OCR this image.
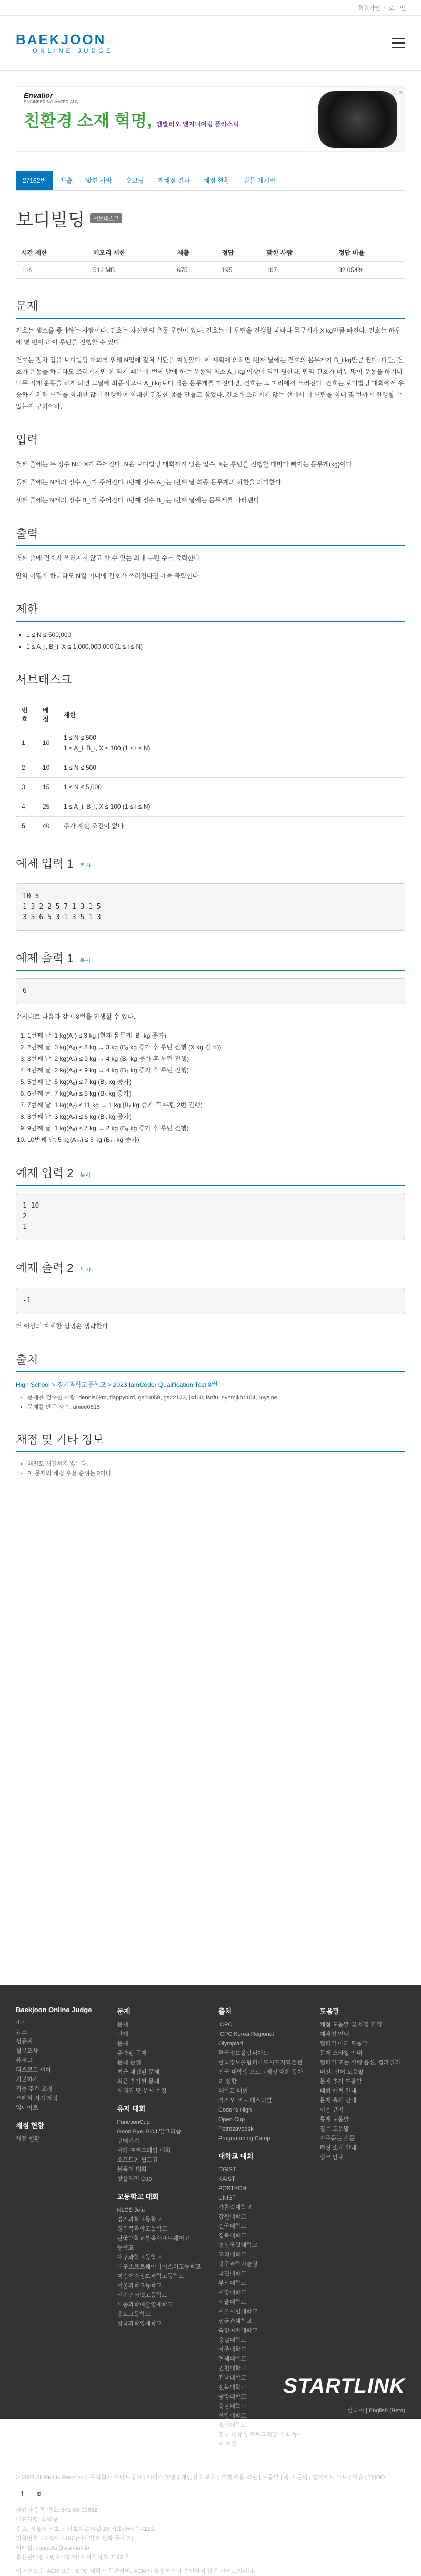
회원가입 / 로그인
BAEKJOON
ONLINE JUDGE
Envalior
ENGINEERING MATERIALS
친환경 소재 혁명, 엔발리오 엔지니어링 플라스틱
ⓘ ✕
27162번	제출	맞힌 사람	숏코딩	재채점 결과	채점 현황	질문 게시판
보디빌딩	서브태스크
시간 제한	메모리 제한	제출	정답	맞힌 사람	정답 비율
1 초	512 MB	675	195	167	32.054%
문제

건호는 헬스를 좋아하는 사람이다. 건호는 자신만의 운동 루틴이 있다. 건호는 이 루틴을 진행할 때마다 몸무게가 X kg만큼 빠진다. 건호는 하루에 몇 번이고 이 루틴을 진행할 수 있다.

건호는 점차 입을 보디빌딩 대회를 위해 N일에 걸쳐 식단을 짜놓았다. 이 계획에 의하면 i번째 날에는 건호의 몸무게가 B_i kg만큼 찐다. 다만, 건호가 운동을 하더라도 쓰러지지만 한 되기 때문에 i번째 날에 하는 운동의 최소 A_i kg 이상이 되길 원한다. 만약 건호가 너무 많이 운동을 하거나 너무 적게 운동을 하게 되면 그날에 최종적으로 A_i kg보다 작은 몸무게를 가진다면, 건호는 그 자리에서 쓰러진다. 건호는 보디빌딩 대회에서 우승하기 위해 루틴을 최대한 많이 진행하여 최대한 건강한 몸을 만들고 싶었다. 건호가 쓰러지지 않는 선에서 이 루틴을 최대 몇 번까지 진행할 수 있는지 구하여라.

입력

첫째 줄에는 두 정수 N과 X가 주어진다. N은 보디빌딩 대회까지 남은 일수, X는 루틴을 진행할 때마다 빠지는 몸무게(kg)이다.

둘째 줄에는 N개의 정수 A_i가 주어진다. i번째 정수 A_i는 i번째 날 최종 몸무게의 하한을 의미한다.

셋째 줄에는 N개의 정수 B_i가 주어진다. i번째 정수 B_i는 i번째 날에는 몸무게를 나타낸다.

출력

첫째 줄에 건호가 쓰러지지 않고 할 수 있는 최대 루틴 수를 출력한다.

만약 어떻게 하더라도 N일 이내에 건호가 쓰러진다면 -1을 출력한다.

제한
• 1 ≤ N ≤ 500,000
• 1 ≤ A_i, B_i, X ≤ 1,000,000,000 (1 ≤ i ≤ N)
서브태스크
번호	배점	제한
1	10	1 ≤ N ≤ 500
1 ≤ A_i, B_i, X ≤ 100 (1 ≤ i ≤ N)

2	10	1 ≤ N ≤ 500
3	15	1 ≤ N ≤ 5,000
4	25	1 ≤ A_i, B_i, X ≤ 100 (1 ≤ i ≤ N)
5	40	추가 제한 조건이 없다.
예제 입력 1 복사
10 5
1 3 2 2 5 7 1 3 1 5
3 5 6 5 3 1 3 5 1 3
예제 출력 1 복사
6

순서대로 다음과 같이 8번을 진행할 수 있다.

1. 1번째 날: 1 kg(A₁) ≤ 3 kg (현재 몸무게, B₁ kg 증가)
2. 2번째 날: 3 kg(A₂) ≤ 8 kg → 3 kg (B₂ kg 증가 후 루틴 진행 (X kg 감소))
3. 3번째 날: 2 kg(A₃) ≤ 9 kg → 4 kg (B₃ kg 증가 후 루틴 진행)
4. 4번째 날: 2 kg(A₄) ≤ 9 kg → 4 kg (B₄ kg 증가 후 루틴 진행)
5. 5번째 날: 5 kg(A₅) ≤ 7 kg (B₅ kg 증가)
6. 6번째 날: 7 kg(A₆) ≤ 8 kg (B₆ kg 증가)
7. 7번째 날: 1 kg(A₇) ≤ 11 kg → 1 kg (B₇ kg 증가 후 루틴 2번 진행)
8. 8번째 날: 3 kg(A₈) ≤ 6 kg (B₈ kg 증가)
9. 9번째 날: 1 kg(A₉) ≤ 7 kg → 2 kg (B₉ kg 증가 후 루틴 진행)
10. 10번째 날: 5 kg(A₁₀) ≤ 5 kg (B₁₀ kg 증가)
예제 입력 2 복사
1 10
2
1
예제 출력 2 복사
-1

더 이상의 자세한 설명은 생략한다.

출처
High School > 경기과학고등학교 > 2023 IamCoder Qualification Test 8번
• 문제를 검수한 사람: dennis6km, flappybird, gs20059, gs22123, jkd10, lsdfu, nyhmjkh1104, roysine
• 문제를 만든 사람: ahiee0815
채점 및 기타 정보
• 채점도 채점하지 않는다.
• 이 문제의 채점 우선 순위는 2이다.
Baekjoon Online Judge
소개
뉴스
생중계
설문조사
블로그
디스코드 서버
기본하기
기능 추가 요청
스페셜 저지 제작
업데이트
채점 현황
채점 현황
문제
문제
단계
문제
추가된 문제
문제 순위
최근 채점된 문제
최근 추가된 문제
재채점 및 문제 수정
유저 대회
FunctionCup
Good Bye, BOJ 알고리즘
구데기컵
이다 프로그래밍 대회
소프트콘 월드컵
불뚝이 대회
핫플레인 Cup
고등학교 대회
NLCS Jeju
경기과학고등학교
경기북과학고등학교
단국대학교부속소프트웨어고
등학교
대구과학고등학교
대구소프트웨어마이스터고등학교
미림여자정보과학고등학교
서울과학고등학교
선린인터넷고등학교
세종과학예술영재학교
송도고등학교
한국과학영재학교
출처
ICPC
ICPC Korea Regional
Olympiad
한국정보올림피아드
한국정보올림피아드시도지역본선
전국 대학생 프로그래밍 대회 동아리 연합
대학교 대회
카카오 코드 페스티벌
Coder's High
Open Cup
Petrozavodsk
Programming Camp
대학교 대회
DGIST
KAIST
POSTECH
UNIST
가톨릭대학교
강원대학교
건국대학교
경북대학교
경상국립대학교
고려대학교
광주과학기술원
국민대학교
부산대학교
서강대학교
서울대학교
서울시립대학교
성균관대학교
숙명여자대학교
숭실대학교
아주대학교
연세대학교
인천대학교
전남대학교
전북대학교
중앙대학교
충남대학교
한양대학교
홍익대학교
전국 대학생 프로그래밍 대회 동아리 연합
도움말
채점 도움말 및 채점 환경
재채점 안내
컴파일 에러 도움말
문제 스타일 안내
컴파일 또는 실행 옵션, 컴파일러 버전, 언어 도움말
문제 추가 도움말
대회 개최 안내
문제 출제 안내
이용 규칙
통계 도움말
질문 도움말
자주묻는 질문
런칭 소개 안내
링크 안내
© 2023 All Rights Reserved. 주식회사 스타트링크 | 서비스 약관 | 개인정보 보호 | 결제 이용 약관 | 도움말 | 광고 문의 | 업데이트 노트 | 이슈 | TODO
f	⊙
사업자 등록 번호: 541-88-00682
대표자명: 최백준
주소: 서울시 서초구 서초대로74길 29 서초파라곤 412호
전화번호: 02-521-0487 (이메일로 연락 주세요)
이메일: contacts@startlink.io
통신판매신고번호: 제 2017-서울서초-2193 호
이 사이트는 ACM 또는 ICPC 대회와 무관하며, ACM이 후원하거나 승인하지 않은 사이트입니다.
STARTLINK
한국어 | English (Beta)
